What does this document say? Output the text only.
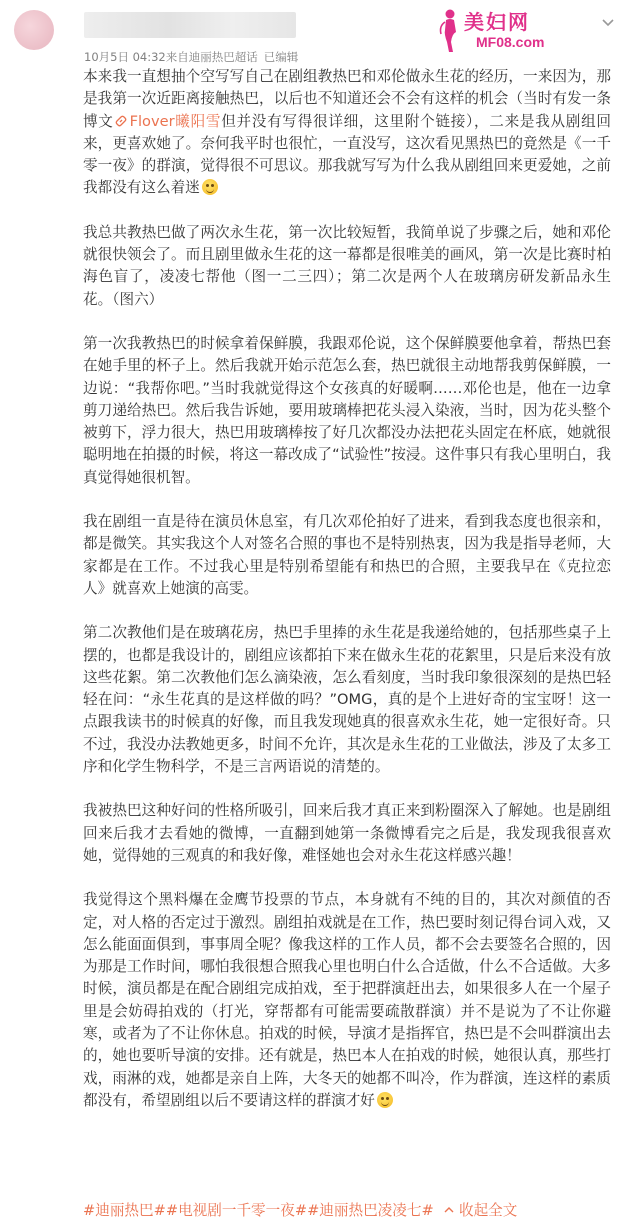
10月5日 04:32来自迪丽热巴超话 已编辑
美妇网
MF08.com

本来我一直想抽个空写写自己在剧组教热巴和邓伦做永生花的经历，一来因为，那是我第一次近距离接触热巴，以后也不知道还会不会有这样的机会（当时有发一条博文 Flover曦阳雪但并没有写得很详细，这里附个链接），二来是我从剧组回来，更喜欢她了。奈何我平时也很忙，一直没写，这次看见黑热巴的竟然是《一千零一夜》的群演，觉得很不可思议。那我就写写为什么我从剧组回来更爱她，之前我都没有这么着迷

我总共教热巴做了两次永生花，第一次比较短暂，我简单说了步骤之后，她和邓伦就很快领会了。而且剧里做永生花的这一幕都是很唯美的画风，第一次是比赛时柏海色盲了，凌凌七帮他（图一二三四）；第二次是两个人在玻璃房研发新品永生花。（图六）

第一次我教热巴的时候拿着保鲜膜，我跟邓伦说，这个保鲜膜要他拿着，帮热巴套在她手里的杯子上。然后我就开始示范怎么套，热巴就很主动地帮我剪保鲜膜，一边说：“我帮你吧。”当时我就觉得这个女孩真的好暖啊……邓伦也是，他在一边拿剪刀递给热巴。然后我告诉她，要用玻璃棒把花头浸入染液，当时，因为花头整个被剪下，浮力很大，热巴用玻璃棒按了好几次都没办法把花头固定在杯底，她就很聪明地在拍摄的时候，将这一幕改成了“试验性”按浸。这件事只有我心里明白，我真觉得她很机智。

我在剧组一直是待在演员休息室，有几次邓伦拍好了进来，看到我态度也很亲和，都是微笑。其实我这个人对签名合照的事也不是特别热衷，因为我是指导老师，大家都是在工作。不过我心里是特别希望能有和热巴的合照，主要我早在《克拉恋人》就喜欢上她演的高雯。

第二次教他们是在玻璃花房，热巴手里捧的永生花是我递给她的，包括那些桌子上摆的，也都是我设计的，剧组应该都拍下来在做永生花的花絮里，只是后来没有放这些花絮。第二次教他们怎么滴染液，怎么看刻度，当时我印象很深刻的是热巴轻轻在问：“永生花真的是这样做的吗？”OMG，真的是个上进好奇的宝宝呀！这一点跟我读书的时候真的好像，而且我发现她真的很喜欢永生花，她一定很好奇。只不过，我没办法教她更多，时间不允许，其次是永生花的工业做法，涉及了太多工序和化学生物科学，不是三言两语说的清楚的。

我被热巴这种好问的性格所吸引，回来后我才真正来到粉圈深入了解她。也是剧组回来后我才去看她的微博，一直翻到她第一条微博看完之后是，我发现我很喜欢她，觉得她的三观真的和我好像，难怪她也会对永生花这样感兴趣！

我觉得这个黑料爆在金鹰节投票的节点，本身就有不纯的目的，其次对颜值的否定，对人格的否定过于激烈。剧组拍戏就是在工作，热巴要时刻记得台词入戏，又怎么能面面俱到，事事周全呢？像我这样的工作人员，都不会去要签名合照的，因为那是工作时间，哪怕我很想合照我心里也明白什么合适做，什么不合适做。大多时候，演员都是在配合剧组完成拍戏，至于把群演赶出去，如果很多人在一个屋子里是会妨碍拍戏的（打光，穿帮都有可能需要疏散群演）并不是说为了不让你避寒，或者为了不让你休息。拍戏的时候，导演才是指挥官，热巴是不会叫群演出去的，她也要听导演的安排。还有就是，热巴本人在拍戏的时候，她很认真，那些打戏，雨淋的戏，她都是亲自上阵，大冬天的她都不叫冷，作为群演，连这样的素质都没有，希望剧组以后不要请这样的群演才好

#迪丽热巴##电视剧一千零一夜##迪丽热巴凌凌七# 收起全文
